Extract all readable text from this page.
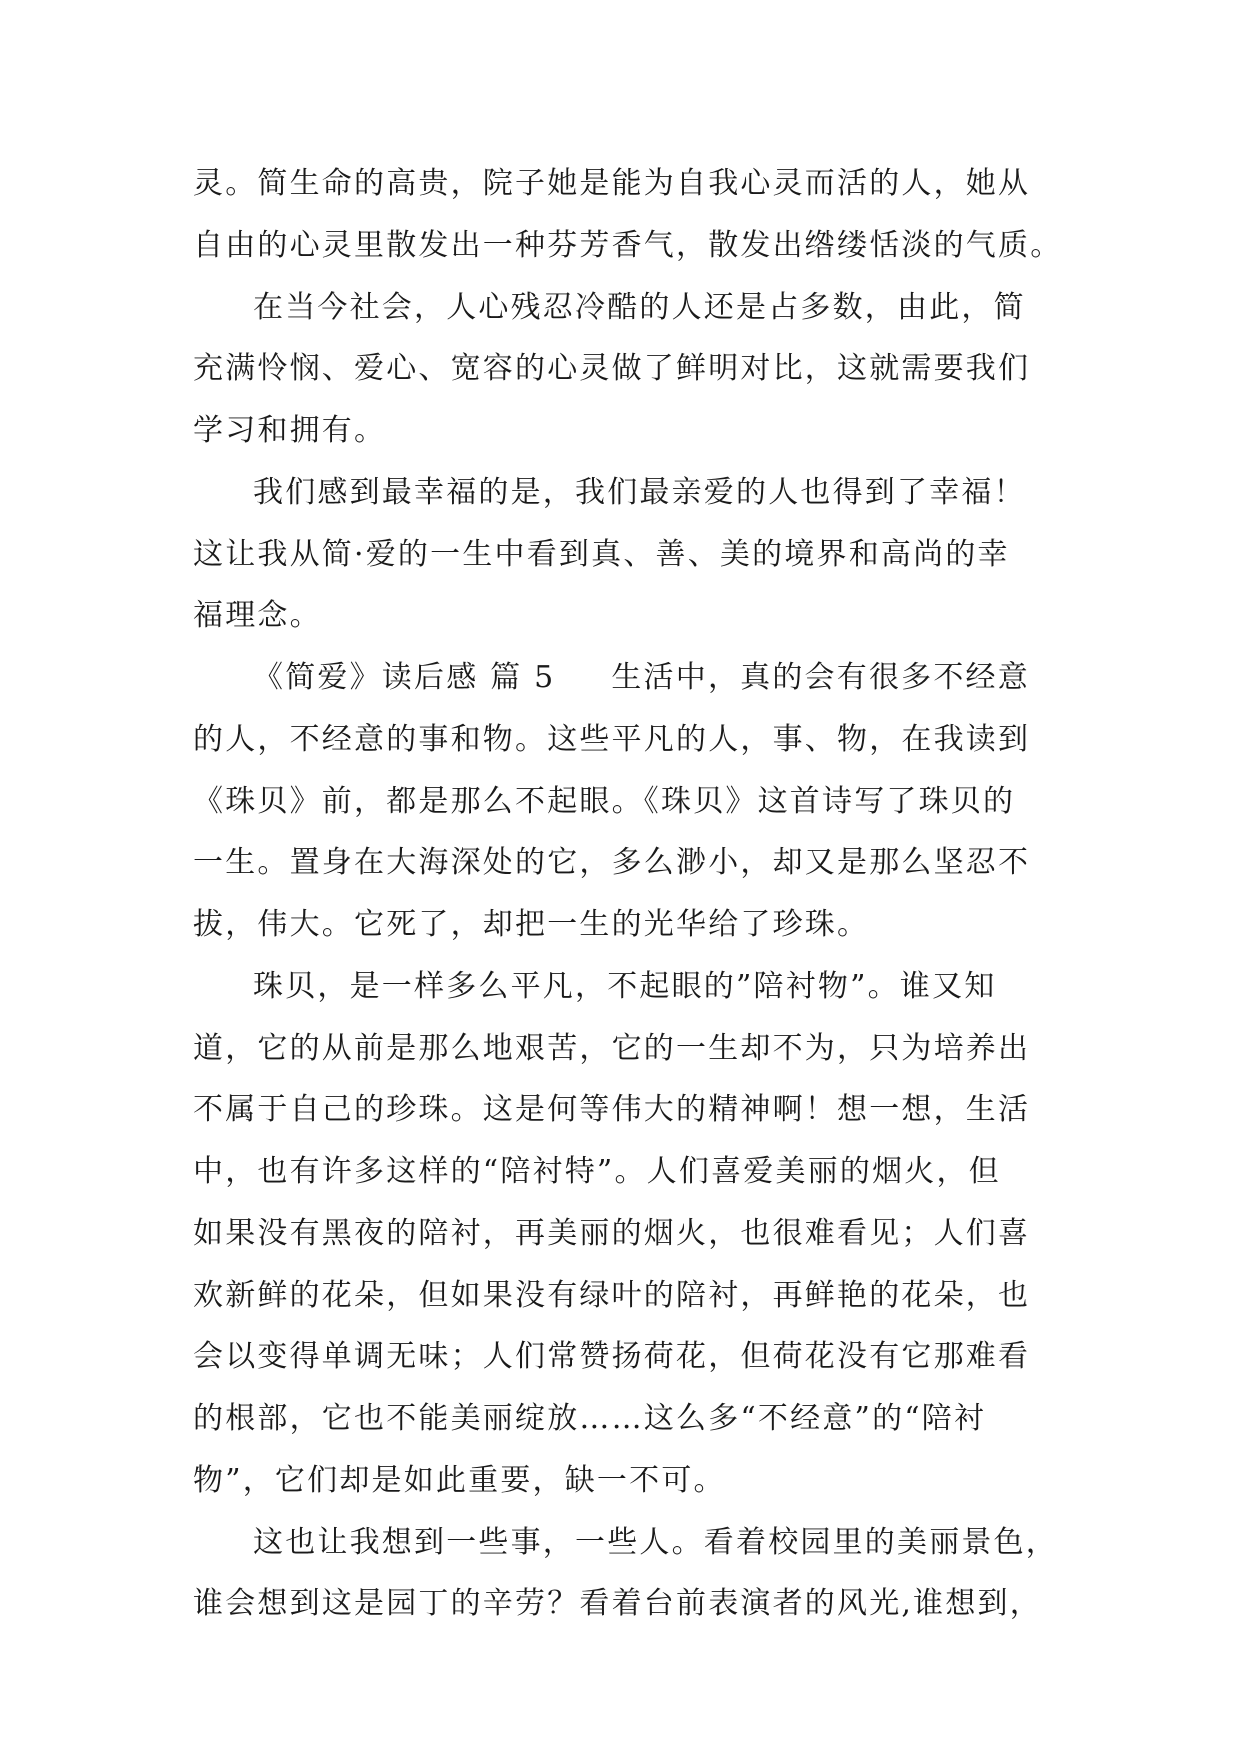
灵。简生命的高贵，院子她是能为自我心灵而活的人，她从
自由的心灵里散发出一种芬芳香气，散发出绺缕恬淡的气质。
在当今社会，人心残忍冷酷的人还是占多数，由此，简
充满怜悯、爱心、宽容的心灵做了鲜明对比，这就需要我们
学习和拥有。
我们感到最幸福的是，我们最亲爱的人也得到了幸福！
这让我从简·爱的一生中看到真、善、美的境界和高尚的幸
福理念。
《简爱》读后感 篇 5 生活中，真的会有很多不经意
的人，不经意的事和物。这些平凡的人，事、物，在我读到
《珠贝》前，都是那么不起眼。《珠贝》这首诗写了珠贝的
一生。置身在大海深处的它，多么渺小，却又是那么坚忍不
拔，伟大。它死了，却把一生的光华给了珍珠。
珠贝，是一样多么平凡，不起眼的”陪衬物”。谁又知
道，它的从前是那么地艰苦，它的一生却不为，只为培养出
不属于自己的珍珠。这是何等伟大的精神啊！想一想，生活
中，也有许多这样的“陪衬特”。人们喜爱美丽的烟火，但
如果没有黑夜的陪衬，再美丽的烟火，也很难看见；人们喜
欢新鲜的花朵，但如果没有绿叶的陪衬，再鲜艳的花朵，也
会以变得单调无味；人们常赞扬荷花，但荷花没有它那难看
的根部，它也不能美丽绽放……这么多“不经意”的“陪衬
物”，它们却是如此重要，缺一不可。
这也让我想到一些事，一些人。看着校园里的美丽景色，
谁会想到这是园丁的辛劳？看着台前表演者的风光,谁想到，
